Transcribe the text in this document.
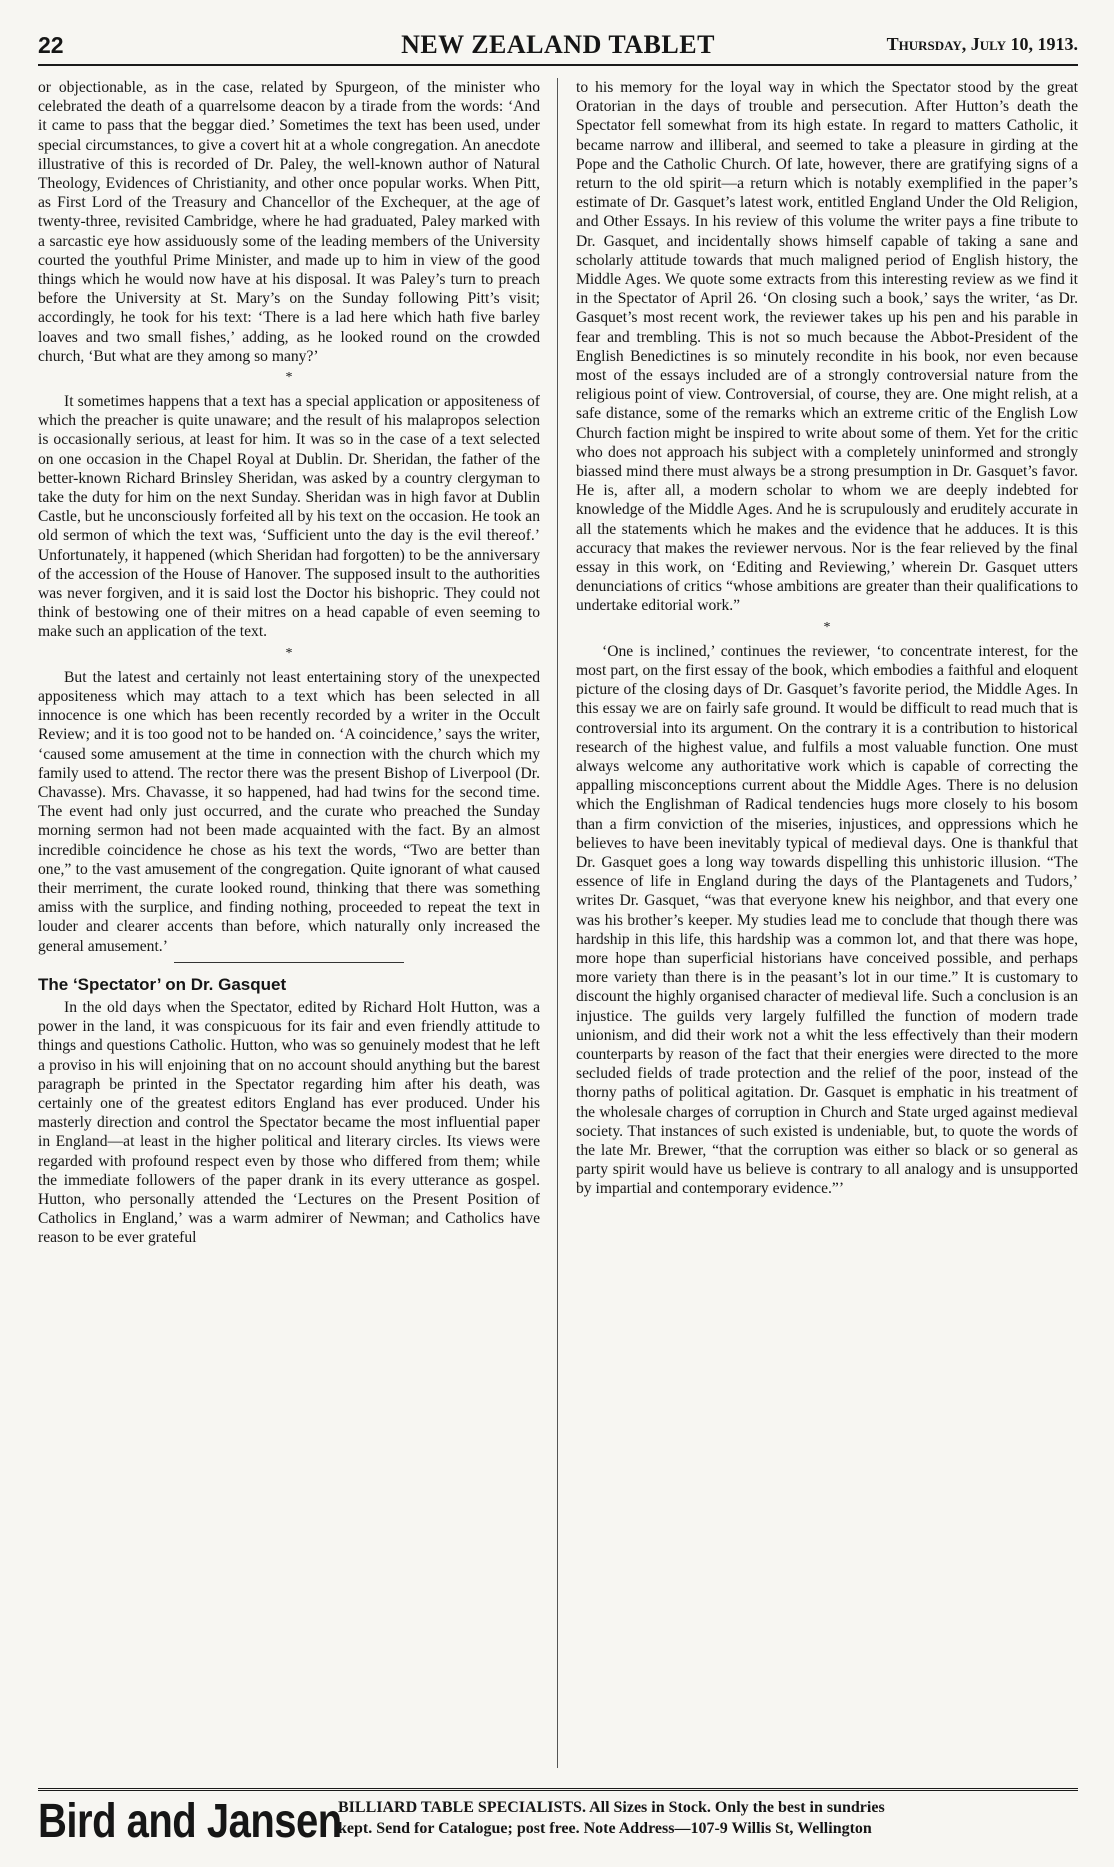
22	NEW ZEALAND TABLET	Thursday, July 10, 1913.

or objectionable, as in the case, related by Spurgeon, of the minister who celebrated the death of a quarrelsome deacon by a tirade from the words: ‘And it came to pass that the beggar died.’ Sometimes the text has been used, under special circumstances, to give a covert hit at a whole congregation. An anecdote illustrative of this is recorded of Dr. Paley, the well-known author of Natural Theology, Evidences of Christianity, and other once popular works. When Pitt, as First Lord of the Treasury and Chancellor of the Exchequer, at the age of twenty-three, revisited Cambridge, where he had graduated, Paley marked with a sarcastic eye how assiduously some of the leading members of the University courted the youthful Prime Minister, and made up to him in view of the good things which he would now have at his disposal. It was Paley’s turn to preach before the University at St. Mary’s on the Sunday following Pitt’s visit; accordingly, he took for his text: ‘There is a lad here which hath five barley loaves and two small fishes,’ adding, as he looked round on the crowded church, ‘But what are they among so many?’

*

It sometimes happens that a text has a special application or appositeness of which the preacher is quite unaware; and the result of his malapropos selection is occasionally serious, at least for him. It was so in the case of a text selected on one occasion in the Chapel Royal at Dublin. Dr. Sheridan, the father of the better-known Richard Brinsley Sheridan, was asked by a country clergyman to take the duty for him on the next Sunday. Sheridan was in high favor at Dublin Castle, but he unconsciously forfeited all by his text on the occasion. He took an old sermon of which the text was, ‘Sufficient unto the day is the evil thereof.’ Unfortunately, it happened (which Sheridan had forgotten) to be the anniversary of the accession of the House of Hanover. The supposed insult to the authorities was never forgiven, and it is said lost the Doctor his bishopric. They could not think of bestowing one of their mitres on a head capable of even seeming to make such an application of the text.

*

But the latest and certainly not least entertaining story of the unexpected appositeness which may attach to a text which has been selected in all innocence is one which has been recently recorded by a writer in the Occult Review; and it is too good not to be handed on. ‘A coincidence,’ says the writer, ‘caused some amusement at the time in connection with the church which my family used to attend. The rector there was the present Bishop of Liverpool (Dr. Chavasse). Mrs. Chavasse, it so happened, had had twins for the second time. The event had only just occurred, and the curate who preached the Sunday morning sermon had not been made acquainted with the fact. By an almost incredible coincidence he chose as his text the words, “Two are better than one,” to the vast amusement of the congregation. Quite ignorant of what caused their merriment, the curate looked round, thinking that there was something amiss with the surplice, and finding nothing, proceeded to repeat the text in louder and clearer accents than before, which naturally only increased the general amusement.’

The ‘Spectator’ on Dr. Gasquet

In the old days when the Spectator, edited by Richard Holt Hutton, was a power in the land, it was conspicuous for its fair and even friendly attitude to things and questions Catholic. Hutton, who was so genuinely modest that he left a proviso in his will enjoining that on no account should anything but the barest paragraph be printed in the Spectator regarding him after his death, was certainly one of the greatest editors England has ever produced. Under his masterly direction and control the Spectator became the most influential paper in England—at least in the higher political and literary circles. Its views were regarded with profound respect even by those who differed from them; while the immediate followers of the paper drank in its every utterance as gospel. Hutton, who personally attended the ‘Lectures on the Present Position of Catholics in England,’ was a warm admirer of Newman; and Catholics have reason to be ever grateful

to his memory for the loyal way in which the Spectator stood by the great Oratorian in the days of trouble and persecution. After Hutton’s death the Spectator fell somewhat from its high estate. In regard to matters Catholic, it became narrow and illiberal, and seemed to take a pleasure in girding at the Pope and the Catholic Church. Of late, however, there are gratifying signs of a return to the old spirit—a return which is notably exemplified in the paper’s estimate of Dr. Gasquet’s latest work, entitled England Under the Old Religion, and Other Essays. In his review of this volume the writer pays a fine tribute to Dr. Gasquet, and incidentally shows himself capable of taking a sane and scholarly attitude towards that much maligned period of English history, the Middle Ages. We quote some extracts from this interesting review as we find it in the Spectator of April 26. ‘On closing such a book,’ says the writer, ‘as Dr. Gasquet’s most recent work, the reviewer takes up his pen and his parable in fear and trembling. This is not so much because the Abbot-President of the English Benedictines is so minutely recondite in his book, nor even because most of the essays included are of a strongly controversial nature from the religious point of view. Controversial, of course, they are. One might relish, at a safe distance, some of the remarks which an extreme critic of the English Low Church faction might be inspired to write about some of them. Yet for the critic who does not approach his subject with a completely uninformed and strongly biassed mind there must always be a strong presumption in Dr. Gasquet’s favor. He is, after all, a modern scholar to whom we are deeply indebted for knowledge of the Middle Ages. And he is scrupulously and eruditely accurate in all the statements which he makes and the evidence that he adduces. It is this accuracy that makes the reviewer nervous. Nor is the fear relieved by the final essay in this work, on ‘Editing and Reviewing,’ wherein Dr. Gasquet utters denunciations of critics “whose ambitions are greater than their qualifications to undertake editorial work.”

*

‘One is inclined,’ continues the reviewer, ‘to concentrate interest, for the most part, on the first essay of the book, which embodies a faithful and eloquent picture of the closing days of Dr. Gasquet’s favorite period, the Middle Ages. In this essay we are on fairly safe ground. It would be difficult to read much that is controversial into its argument. On the contrary it is a contribution to historical research of the highest value, and fulfils a most valuable function. One must always welcome any authoritative work which is capable of correcting the appalling misconceptions current about the Middle Ages. There is no delusion which the Englishman of Radical tendencies hugs more closely to his bosom than a firm conviction of the miseries, injustices, and oppressions which he believes to have been inevitably typical of medieval days. One is thankful that Dr. Gasquet goes a long way towards dispelling this unhistoric illusion. “The essence of life in England during the days of the Plantagenets and Tudors,’ writes Dr. Gasquet, “was that everyone knew his neighbor, and that every one was his brother’s keeper. My studies lead me to conclude that though there was hardship in this life, this hardship was a common lot, and that there was hope, more hope than superficial historians have conceived possible, and perhaps more variety than there is in the peasant’s lot in our time.” It is customary to discount the highly organised character of medieval life. Such a conclusion is an injustice. The guilds very largely fulfilled the function of modern trade unionism, and did their work not a whit the less effectively than their modern counterparts by reason of the fact that their energies were directed to the more secluded fields of trade protection and the relief of the poor, instead of the thorny paths of political agitation. Dr. Gasquet is emphatic in his treatment of the wholesale charges of corruption in Church and State urged against medieval society. That instances of such existed is undeniable, but, to quote the words of the late Mr. Brewer, “that the corruption was either so black or so general as party spirit would have us believe is contrary to all analogy and is unsupported by impartial and contemporary evidence.”’

Bird and Jansen
BILLIARD TABLE SPECIALISTS. All Sizes in Stock. Only the best in sundries
kept. Send for Catalogue; post free. Note Address—107-9 Willis St, Wellington
